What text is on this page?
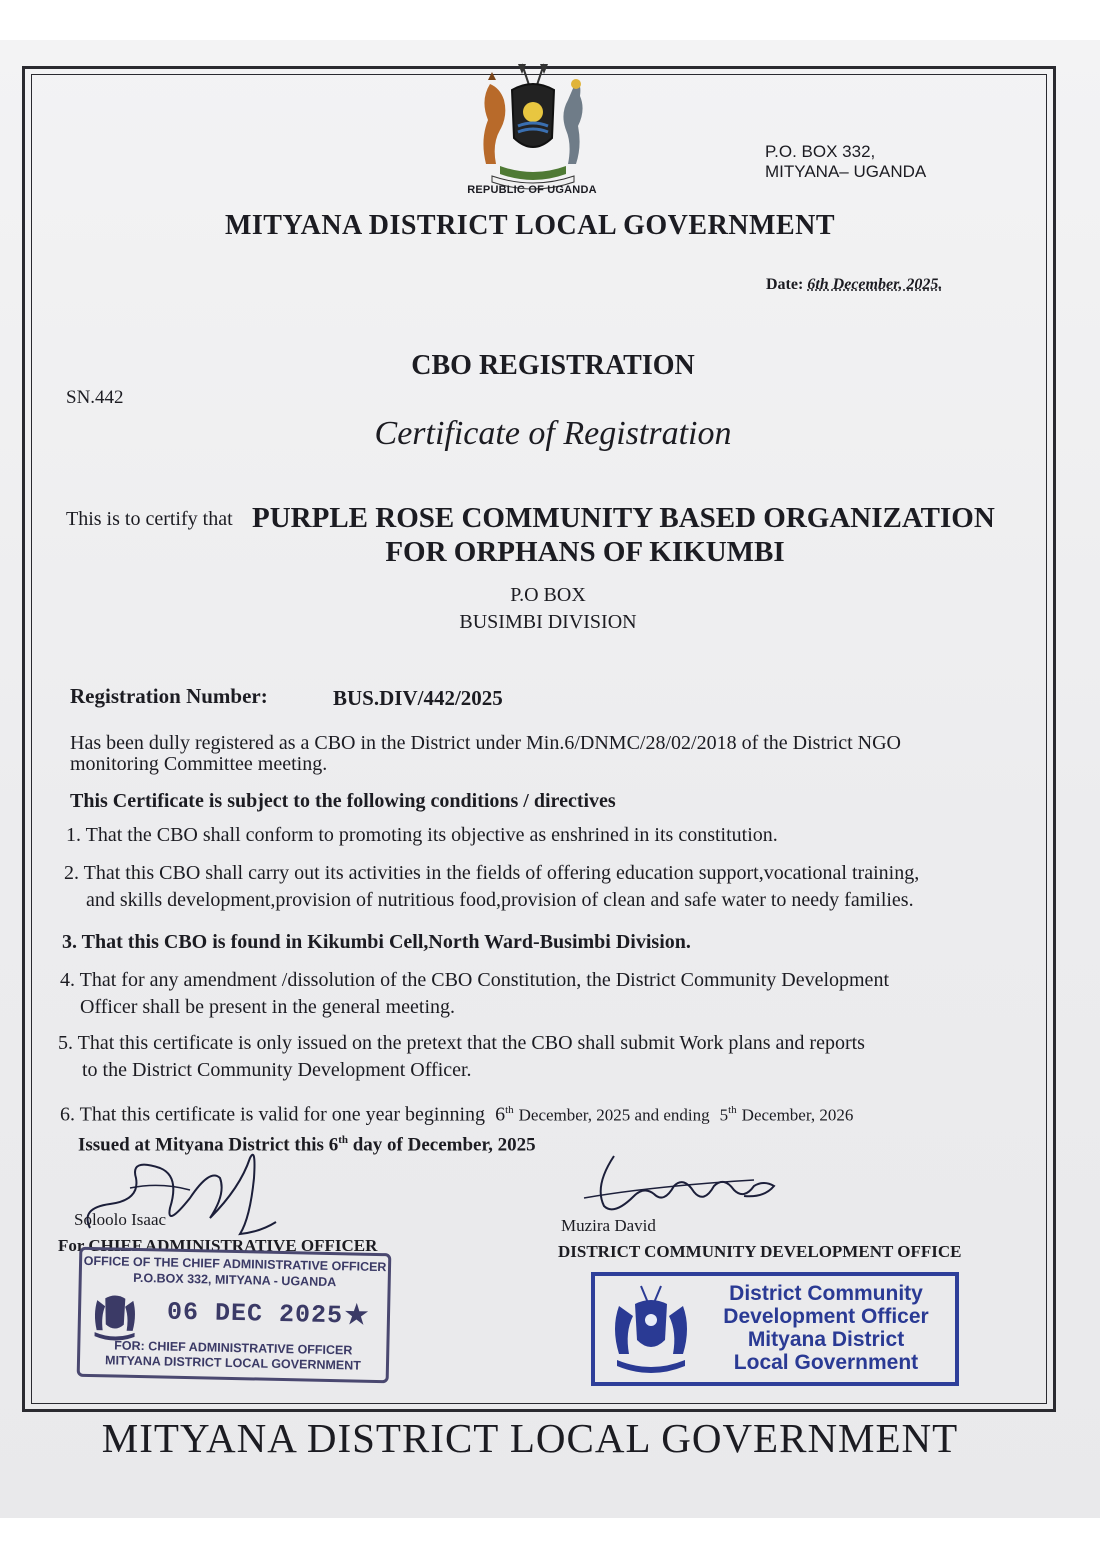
REPUBLIC OF UGANDA
P.O. BOX 332,
MITYANA– UGANDA
MITYANA DISTRICT LOCAL GOVERNMENT
Date: 6th December, 2025.
CBO REGISTRATION
SN.442
Certificate of Registration
This is to certify that PURPLE ROSE COMMUNITY BASED ORGANIZATION
FOR ORPHANS OF KIKUMBI
P.O BOX
BUSIMBI DIVISION
Registration Number:	BUS.DIV/442/2025
Has been dully registered as a CBO in the District under Min.6/DNMC/28/02/2018 of the District NGO
monitoring Committee meeting.
This Certificate is subject to the following conditions / directives
1. That the CBO shall conform to promoting its objective as enshrined in its constitution.
2. That this CBO shall carry out its activities in the fields of offering education support,vocational training,
and skills development,provision of nutritious food,provision of clean and safe water to needy families.
3. That this CBO is found in Kikumbi Cell,North Ward-Busimbi Division.
4. That for any amendment /dissolution of the CBO Constitution, the District Community Development
Officer shall be present in the general meeting.
5. That this certificate is only issued on the pretext that the CBO shall submit Work plans and reports
to the District Community Development Officer.
6. That this certificate is valid for one year beginning 6th December, 2025 and ending 5th December, 2026
Issued at Mityana District this 6th day of December, 2025
Soloolo Isaac
For CHIEF ADMINISTRATIVE OFFICER
Muzira David
DISTRICT COMMUNITY DEVELOPMENT OFFICE
OFFICE OF THE CHIEF ADMINISTRATIVE OFFICER
P.O.BOX 332, MITYANA - UGANDA
06 DEC 2025 ★
FOR: CHIEF ADMINISTRATIVE OFFICER
MITYANA DISTRICT LOCAL GOVERNMENT
District Community
Development Officer
Mityana District
Local Government
MITYANA DISTRICT LOCAL GOVERNMENT
